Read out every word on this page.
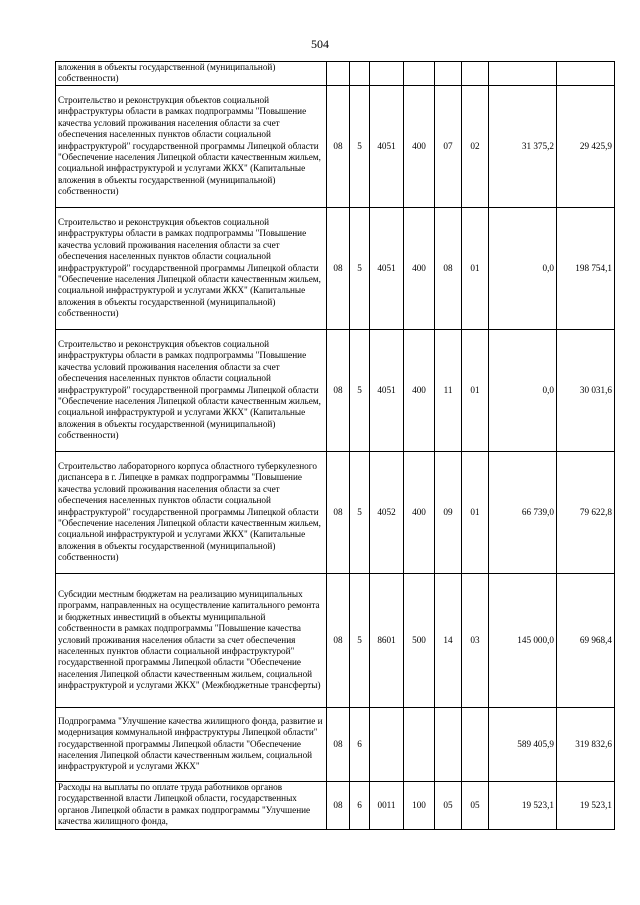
504
вложения в объекты государственной (муниципальной) собственности)								
Строительство и реконструкция объектов социальной инфраструктуры области в рамках подпрограммы "Повышение качества условий проживания населения области за счет обеспечения населенных пунктов области социальной инфраструктурой" государственной программы Липецкой области "Обеспечение населения Липецкой области качественным жильем, социальной инфраструктурой и услугами ЖКХ" (Капитальные вложения в объекты государственной (муниципальной) собственности)	08	5	4051	400	07	02	31 375,2	29 425,9
Строительство и реконструкция объектов социальной инфраструктуры области в рамках подпрограммы "Повышение качества условий проживания населения области за счет обеспечения населенных пунктов области социальной инфраструктурой" государственной программы Липецкой области "Обеспечение населения Липецкой области качественным жильем, социальной инфраструктурой и услугами ЖКХ" (Капитальные вложения в объекты государственной (муниципальной) собственности)	08	5	4051	400	08	01	0,0	198 754,1
Строительство и реконструкция объектов социальной инфраструктуры области в рамках подпрограммы "Повышение качества условий проживания населения области за счет обеспечения населенных пунктов области социальной инфраструктурой" государственной программы Липецкой области "Обеспечение населения Липецкой области качественным жильем, социальной инфраструктурой и услугами ЖКХ" (Капитальные вложения в объекты государственной (муниципальной) собственности)	08	5	4051	400	11	01	0,0	30 031,6
Строительство лабораторного корпуса областного туберкулезного диспансера в г. Липецке в рамках подпрограммы "Повышение качества условий проживания населения области за счет обеспечения населенных пунктов области социальной инфраструктурой" государственной программы Липецкой области "Обеспечение населения Липецкой области качественным жильем, социальной инфраструктурой и услугами ЖКХ" (Капитальные вложения в объекты государственной (муниципальной) собственности)	08	5	4052	400	09	01	66 739,0	79 622,8
Субсидии местным бюджетам на реализацию муниципальных программ, направленных на осуществление капитального ремонта и бюджетных инвестиций в объекты муниципальной собственности в рамках подпрограммы "Повышение качества условий проживания населения области за счет обеспечения населенных пунктов области социальной инфраструктурой" государственной программы Липецкой области "Обеспечение населения Липецкой области качественным жильем, социальной инфраструктурой и услугами ЖКХ" (Межбюджетные трансферты)	08	5	8601	500	14	03	145 000,0	69 968,4
Подпрограмма "Улучшение качества жилищного фонда, развитие и модернизация коммунальной инфраструктуры Липецкой области" государственной программы Липецкой области "Обеспечение населения Липецкой области качественным жильем, социальной инфраструктурой и услугами ЖКХ"	08	6					589 405,9	319 832,6
Расходы на выплаты по оплате труда работников органов государственной власти Липецкой области, государственных органов Липецкой области в рамках подпрограммы "Улучшение качества жилищного фонда,	08	6	0011	100	05	05	19 523,1	19 523,1
